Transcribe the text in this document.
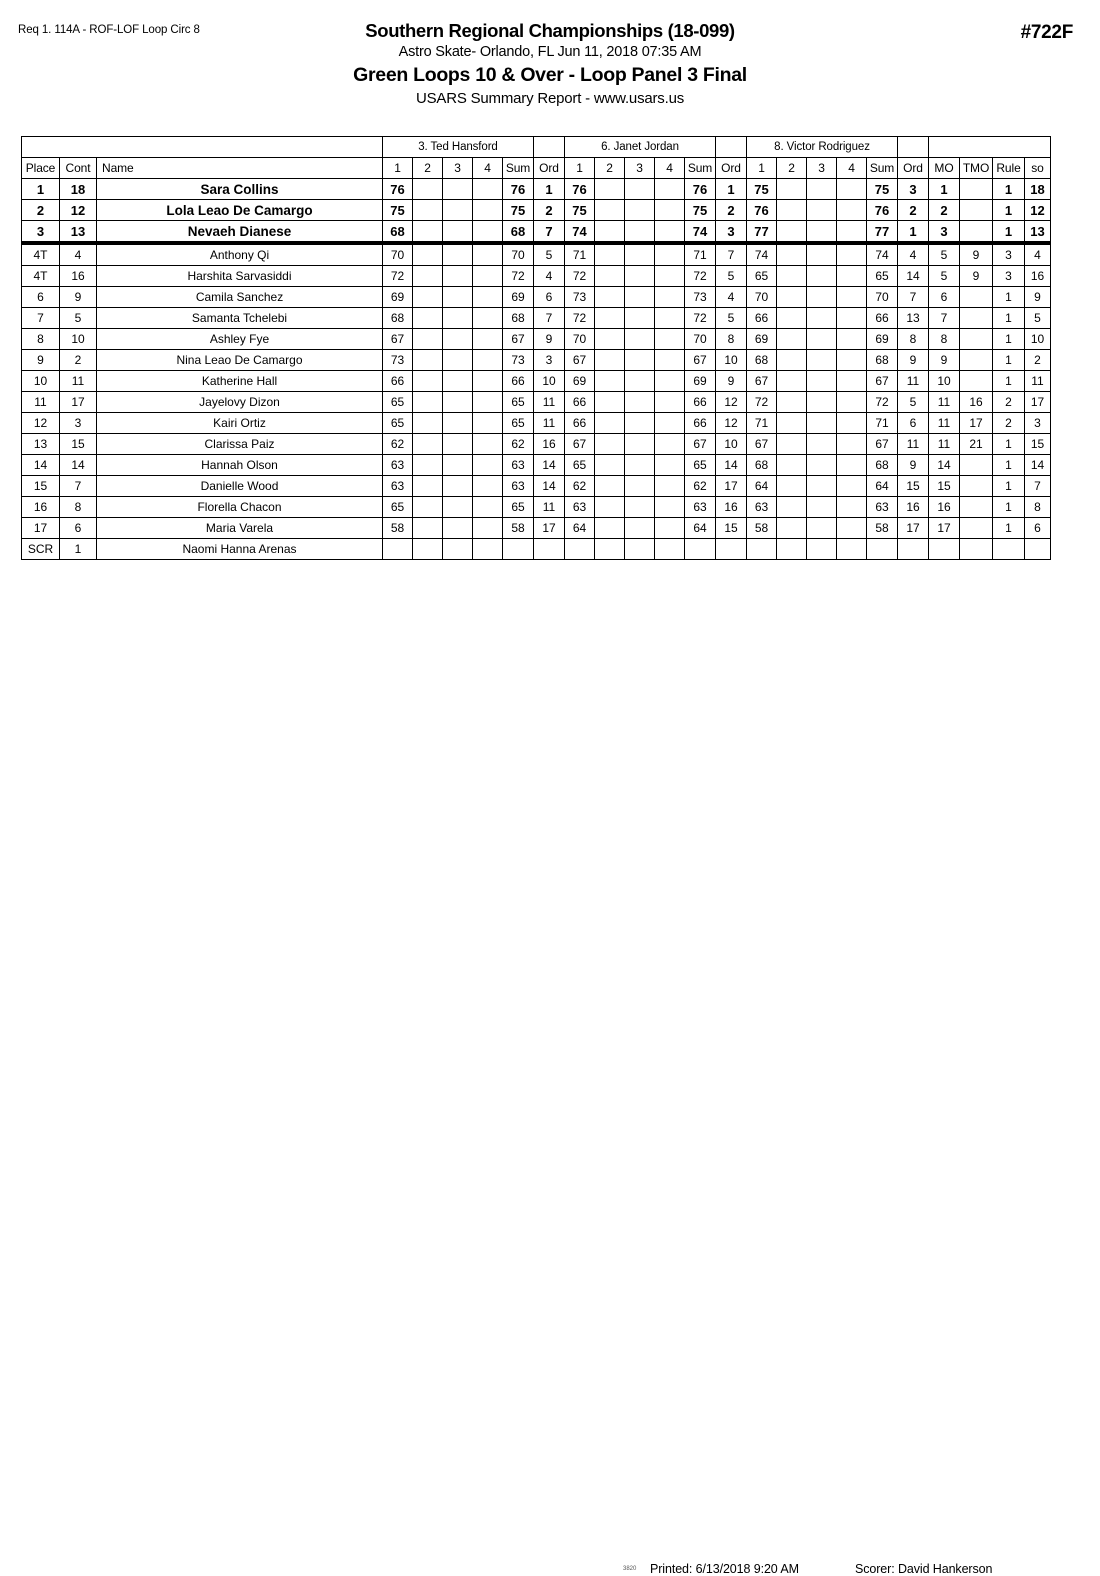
Req 1. 114A - ROF-LOF Loop Circ 8	#722F
Southern Regional Championships (18-099)
Astro Skate- Orlando, FL Jun 11, 2018 07:35 AM
Green Loops 10 & Over - Loop Panel 3 Final
USARS Summary Report - www.usars.us
			3. Ted Hansford						6. Janet Jordan						8. Victor Rodriguez									
Place	Cont	Name	1	2	3	4	Sum	Ord	1	2	3	4	Sum	Ord	1	2	3	4	Sum	Ord	MO	TMO	Rule	so
1	18	Sara Collins	76				76	1	76				76	1	75				75	3	1		1	18
2	12	Lola Leao De Camargo	75				75	2	75				75	2	76				76	2	2		1	12
3	13	Nevaeh Dianese	68				68	7	74				74	3	77				77	1	3		1	13
4T	4	Anthony Qi	70				70	5	71				71	7	74				74	4	5	9	3	4
4T	16	Harshita Sarvasiddi	72				72	4	72				72	5	65				65	14	5	9	3	16
6	9	Camila Sanchez	69				69	6	73				73	4	70				70	7	6		1	9
7	5	Samanta Tchelebi	68				68	7	72				72	5	66				66	13	7		1	5
8	10	Ashley Fye	67				67	9	70				70	8	69				69	8	8		1	10
9	2	Nina Leao De Camargo	73				73	3	67				67	10	68				68	9	9		1	2
10	11	Katherine Hall	66				66	10	69				69	9	67				67	11	10		1	11
11	17	Jayelovy Dizon	65				65	11	66				66	12	72				72	5	11	16	2	17
12	3	Kairi Ortiz	65				65	11	66				66	12	71				71	6	11	17	2	3
13	15	Clarissa Paiz	62				62	16	67				67	10	67				67	11	11	21	1	15
14	14	Hannah Olson	63				63	14	65				65	14	68				68	9	14		1	14
15	7	Danielle Wood	63				63	14	62				62	17	64				64	15	15		1	7
16	8	Florella Chacon	65				65	11	63				63	16	63				63	16	16		1	8
17	6	Maria Varela	58				58	17	64				64	15	58				58	17	17		1	6
SCR	1	Naomi Hanna Arenas																						
3820 Printed: 6/13/2018 9:20 AM	Scorer: David Hankerson
